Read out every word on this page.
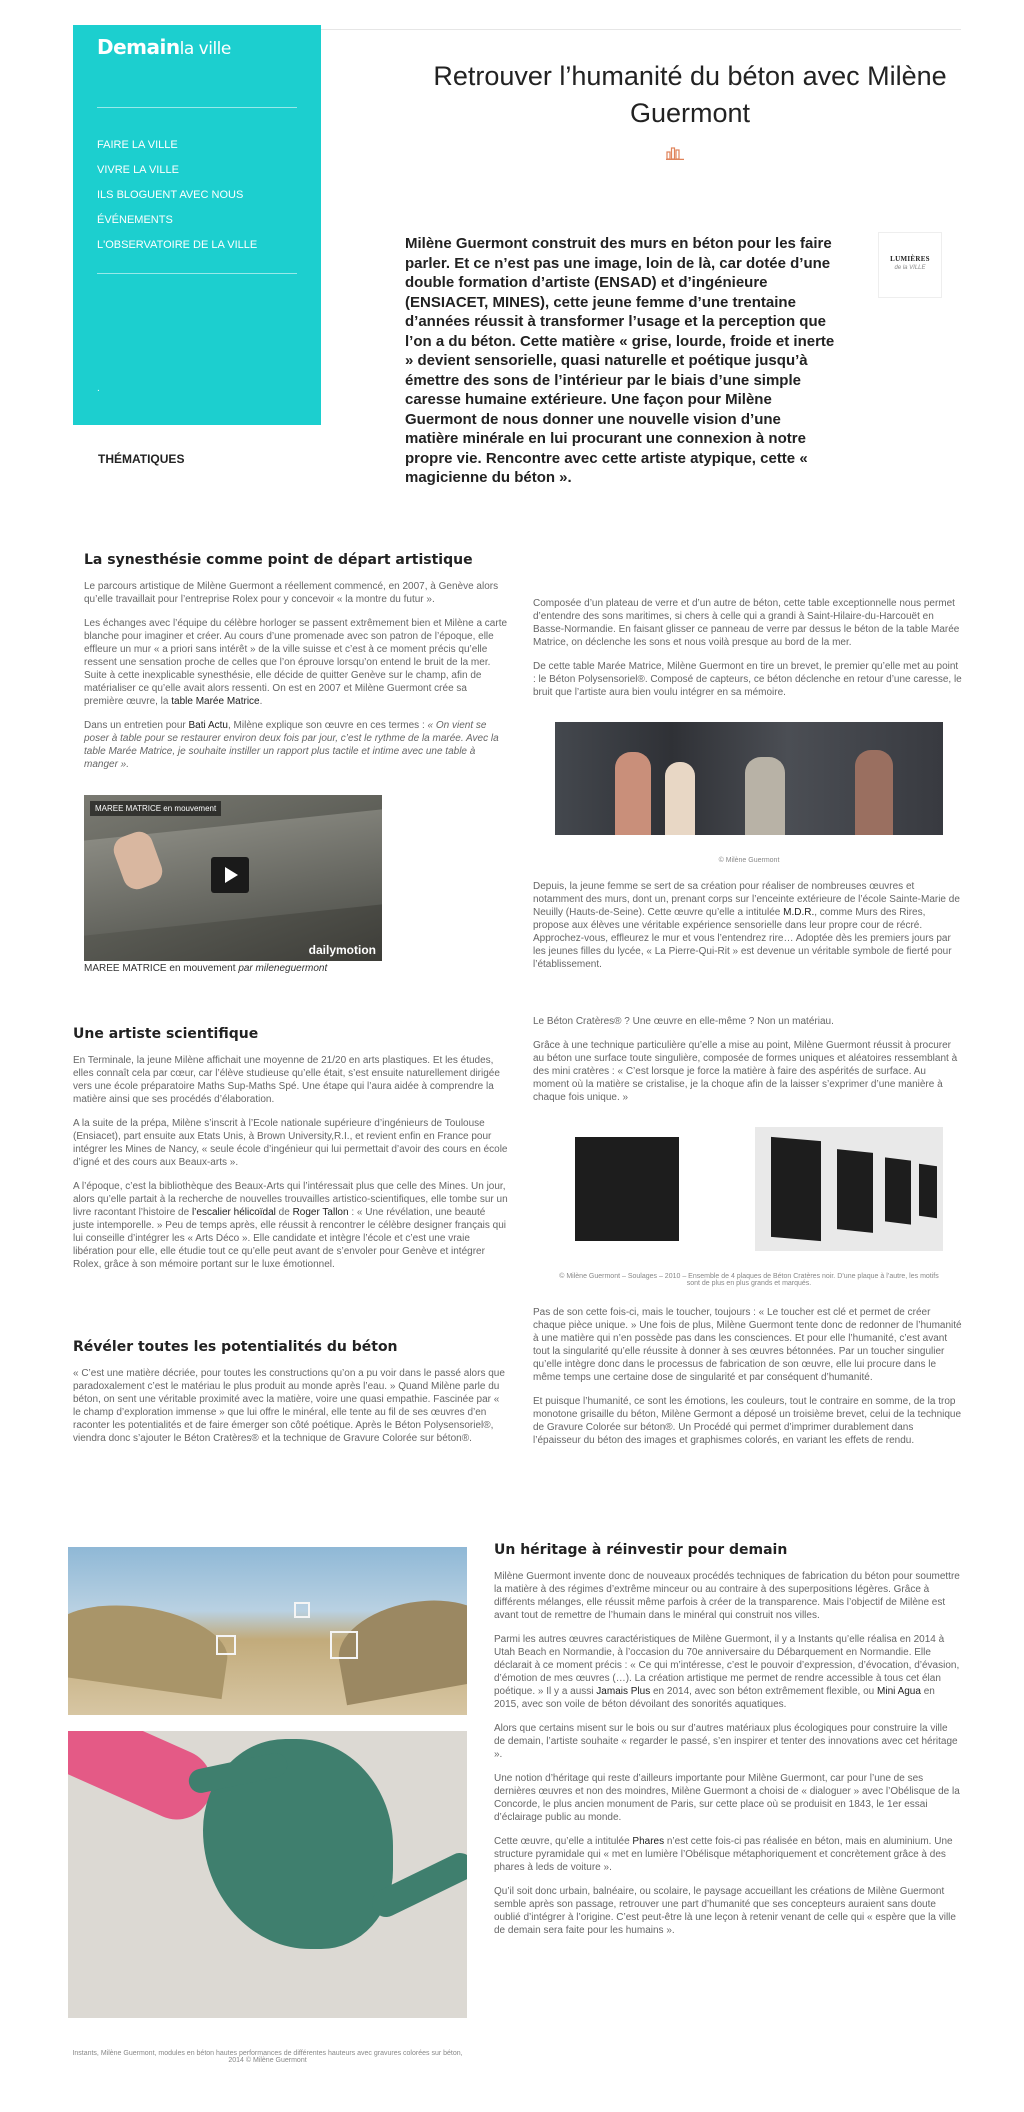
Demainla ville
FAIRE LA VILLE
VIVRE LA VILLE
ILS BLOGUENT AVEC NOUS
ÉVÉNEMENTS
L'OBSERVATOIRE DE LA VILLE
.
THÉMATIQUES
Retrouver l’humanité du béton avec Milène Guermont
Milène Guermont construit des murs en béton pour les faire parler. Et ce n’est pas une image, loin de là, car dotée d’une double formation d’artiste (ENSAD) et d’ingénieure (ENSIACET, MINES), cette jeune femme d’une trentaine d’années réussit à transformer l’usage et la perception que l’on a du béton. Cette matière « grise, lourde, froide et inerte » devient sensorielle, quasi naturelle et poétique jusqu’à émettre des sons de l’intérieur par le biais d’une simple caresse humaine extérieure. Une façon pour Milène Guermont de nous donner une nouvelle vision d’une matière minérale en lui procurant une connexion à notre propre vie. Rencontre avec cette artiste atypique, cette « magicienne du béton ».
LUMIÈRES
de la VILLE
La synesthésie comme point de départ artistique

Le parcours artistique de Milène Guermont a réellement commencé, en 2007, à Genève alors qu’elle travaillait pour l’entreprise Rolex pour y concevoir « la montre du futur ».

Les échanges avec l’équipe du célèbre horloger se passent extrêmement bien et Milène a carte blanche pour imaginer et créer. Au cours d’une promenade avec son patron de l’époque, elle effleure un mur « a priori sans intérêt » de la ville suisse et c’est à ce moment précis qu’elle ressent une sensation proche de celles que l’on éprouve lorsqu’on entend le bruit de la mer. Suite à cette inexplicable synesthésie, elle décide de quitter Genève sur le champ, afin de matérialiser ce qu’elle avait alors ressenti. On est en 2007 et Milène Guermont crée sa première œuvre, la table Marée Matrice.

Dans un entretien pour Bati Actu, Milène explique son œuvre en ces termes : « On vient se poser à table pour se restaurer environ deux fois par jour, c’est le rythme de la marée. Avec la table Marée Matrice, je souhaite instiller un rapport plus tactile et intime avec une table à manger ».

MAREE MATRICE en mouvement
dailymotion
MAREE MATRICE en mouvement par mileneguermont

Composée d’un plateau de verre et d’un autre de béton, cette table exceptionnelle nous permet d’entendre des sons maritimes, si chers à celle qui a grandi à Saint-Hilaire-du-Harcouët en Basse-Normandie. En faisant glisser ce panneau de verre par dessus le béton de la table Marée Matrice, on déclenche les sons et nous voilà presque au bord de la mer.

De cette table Marée Matrice, Milène Guermont en tire un brevet, le premier qu’elle met au point : le Béton Polysensoriel®. Composé de capteurs, ce béton déclenche en retour d’une caresse, le bruit que l’artiste aura bien voulu intégrer en sa mémoire.

© Milène Guermont

Depuis, la jeune femme se sert de sa création pour réaliser de nombreuses œuvres et notamment des murs, dont un, prenant corps sur l’enceinte extérieure de l’école Sainte-Marie de Neuilly (Hauts-de-Seine). Cette œuvre qu’elle a intitulée M.D.R., comme Murs des Rires, propose aux élèves une véritable expérience sensorielle dans leur propre cour de récré. Approchez-vous, effleurez le mur et vous l’entendrez rire… Adoptée dès les premiers jours par les jeunes filles du lycée, « La Pierre-Qui-Rit » est devenue un véritable symbole de fierté pour l’établissement.

Une artiste scientifique

En Terminale, la jeune Milène affichait une moyenne de 21/20 en arts plastiques. Et les études, elles connaît cela par cœur, car l’élève studieuse qu’elle était, s’est ensuite naturellement dirigée vers une école préparatoire Maths Sup-Maths Spé. Une étape qui l’aura aidée à comprendre la matière ainsi que ses procédés d’élaboration.

A la suite de la prépa, Milène s’inscrit à l’Ecole nationale supérieure d’ingénieurs de Toulouse (Ensiacet), part ensuite aux Etats Unis, à Brown University,R.I., et revient enfin en France pour intégrer les Mines de Nancy, « seule école d’ingénieur qui lui permettait d’avoir des cours en école d’igné et des cours aux Beaux-arts ».

A l’époque, c’est la bibliothèque des Beaux-Arts qui l’intéressait plus que celle des Mines. Un jour, alors qu’elle partait à la recherche de nouvelles trouvailles artistico-scientifiques, elle tombe sur un livre racontant l’histoire de l’escalier hélicoïdal de Roger Tallon : « Une révélation, une beauté juste intemporelle. » Peu de temps après, elle réussit à rencontrer le célèbre designer français qui lui conseille d’intégrer les « Arts Déco ». Elle candidate et intègre l’école et c’est une vraie libération pour elle, elle étudie tout ce qu’elle peut avant de s’envoler pour Genève et intégrer Rolex, grâce à son mémoire portant sur le luxe émotionnel.

Le Béton Cratères® ? Une œuvre en elle-même ? Non un matériau.

Grâce à une technique particulière qu’elle a mise au point, Milène Guermont réussit à procurer au béton une surface toute singulière, composée de formes uniques et aléatoires ressemblant à des mini cratères : « C’est lorsque je force la matière à faire des aspérités de surface. Au moment où la matière se cristalise, je la choque afin de la laisser s’exprimer d’une manière à chaque fois unique. »

© Milène Guermont – Soulages – 2010 – Ensemble de 4 plaques de Béton Cratères noir. D’une plaque à l’autre, les motifs sont de plus en plus grands et marqués.

Pas de son cette fois-ci, mais le toucher, toujours : « Le toucher est clé et permet de créer chaque pièce unique. » Une fois de plus, Milène Guermont tente donc de redonner de l’humanité à une matière qui n’en possède pas dans les consciences. Et pour elle l’humanité, c’est avant tout la singularité qu’elle réussite à donner à ses œuvres bétonnées. Par un toucher singulier qu’elle intègre donc dans le processus de fabrication de son œuvre, elle lui procure dans le même temps une certaine dose de singularité et par conséquent d’humanité.

Et puisque l’humanité, ce sont les émotions, les couleurs, tout le contraire en somme, de la trop monotone grisaille du béton, Milène Germont a déposé un troisième brevet, celui de la technique de Gravure Colorée sur béton®. Un Procédé qui permet d’imprimer durablement dans l’épaisseur du béton des images et graphismes colorés, en variant les effets de rendu.

Révéler toutes les potentialités du béton

« C’est une matière décriée, pour toutes les constructions qu’on a pu voir dans le passé alors que paradoxalement c’est le matériau le plus produit au monde après l’eau. » Quand Milène parle du béton, on sent une véritable proximité avec la matière, voire une quasi empathie. Fascinée par « le champ d’exploration immense » que lui offre le minéral, elle tente au fil de ses œuvres d’en raconter les potentialités et de faire émerger son côté poétique. Après le Béton Polysensoriel®, viendra donc s’ajouter le Béton Cratères® et la technique de Gravure Colorée sur béton®.

Instants, Milène Guermont, modules en béton hautes performances de différentes hauteurs avec gravures colorées sur béton, 2014 © Milène Guermont
Un héritage à réinvestir pour demain

Milène Guermont invente donc de nouveaux procédés techniques de fabrication du béton pour soumettre la matière à des régimes d’extrême minceur ou au contraire à des superpositions légères. Grâce à différents mélanges, elle réussit même parfois à créer de la transparence. Mais l’objectif de Milène est avant tout de remettre de l’humain dans le minéral qui construit nos villes.

Parmi les autres œuvres caractéristiques de Milène Guermont, il y a Instants qu’elle réalisa en 2014 à Utah Beach en Normandie, à l’occasion du 70e anniversaire du Débarquement en Normandie. Elle déclarait à ce moment précis : « Ce qui m’intéresse, c’est le pouvoir d’expression, d’évocation, d’évasion, d’émotion de mes œuvres (…). La création artistique me permet de rendre accessible à tous cet élan poétique. » Il y a aussi Jamais Plus en 2014, avec son béton extrêmement flexible, ou Mini Agua en 2015, avec son voile de béton dévoilant des sonorités aquatiques.

Alors que certains misent sur le bois ou sur d’autres matériaux plus écologiques pour construire la ville de demain, l’artiste souhaite « regarder le passé, s’en inspirer et tenter des innovations avec cet héritage ».

Une notion d’héritage qui reste d’ailleurs importante pour Milène Guermont, car pour l’une de ses dernières œuvres et non des moindres, Milène Guermont a choisi de « dialoguer » avec l’Obélisque de la Concorde, le plus ancien monument de Paris, sur cette place où se produisit en 1843, le 1er essai d’éclairage public au monde.

Cette œuvre, qu’elle a intitulée Phares n’est cette fois-ci pas réalisée en béton, mais en aluminium. Une structure pyramidale qui « met en lumière l’Obélisque métaphoriquement et concrètement grâce à des phares à leds de voiture ».

Qu’il soit donc urbain, balnéaire, ou scolaire, le paysage accueillant les créations de Milène Guermont semble après son passage, retrouver une part d’humanité que ses concepteurs auraient sans doute oublié d’intégrer à l’origine. C’est peut-être là une leçon à retenir venant de celle qui « espère que la ville de demain sera faite pour les humains ».
